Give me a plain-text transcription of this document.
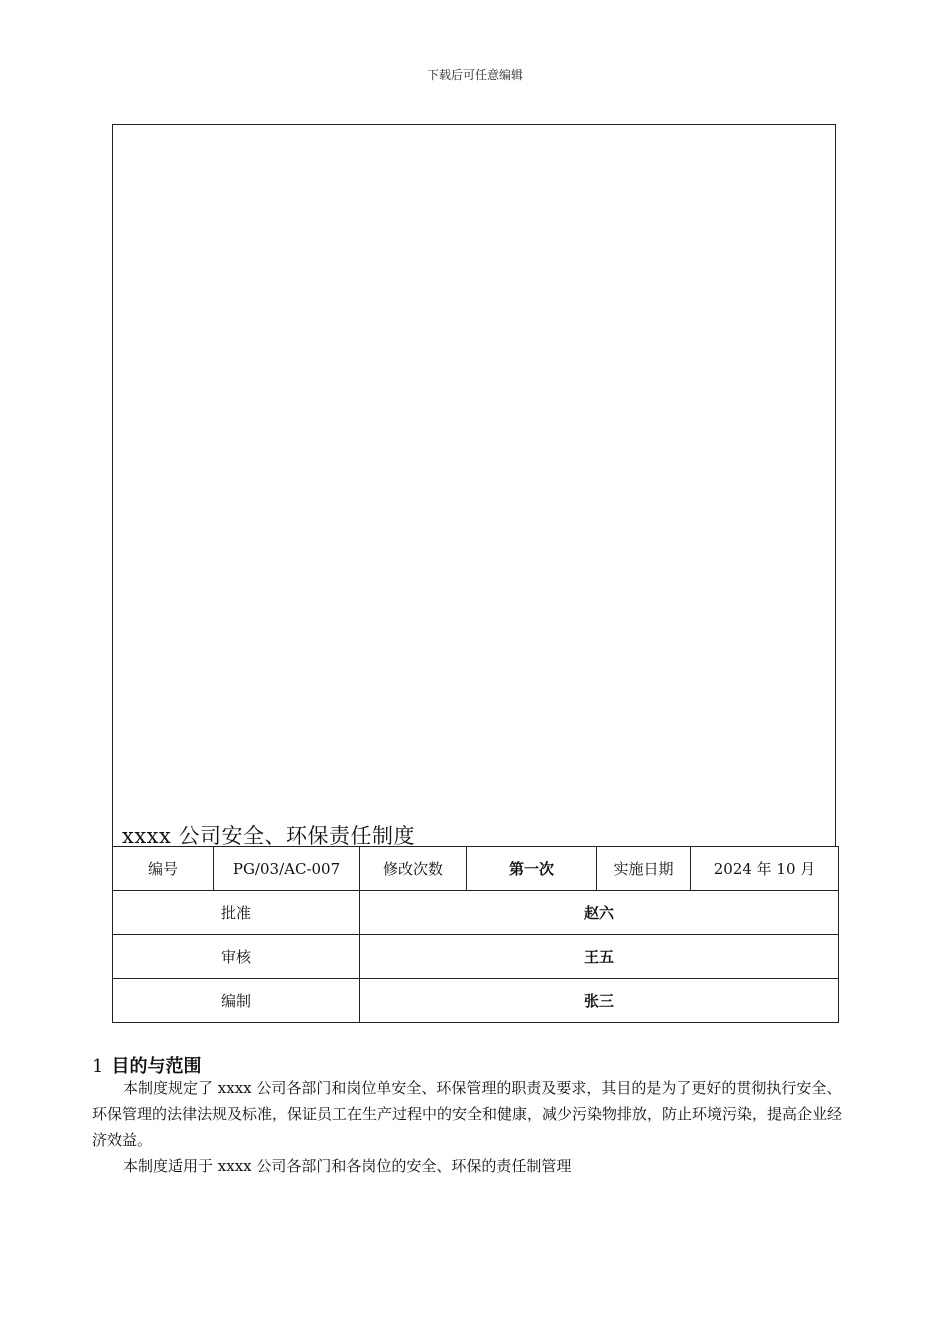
下载后可任意编辑
xxxx 公司安全、环保责任制度
编号	PG/03/AC-007	修改次数	第一次	实施日期	2024 年 10 月
批准		赵六			
审核		王五			
编制		张三			
1 目的与范围

本制度规定了 xxxx 公司各部门和岗位单安全、环保管理的职责及要求，其目的是为了更好的贯彻执行安全、环保管理的法律法规及标准，保证员工在生产过程中的安全和健康，减少污染物排放，防止环境污染，提高企业经济效益。

本制度适用于 xxxx 公司各部门和各岗位的安全、环保的责任制管理
